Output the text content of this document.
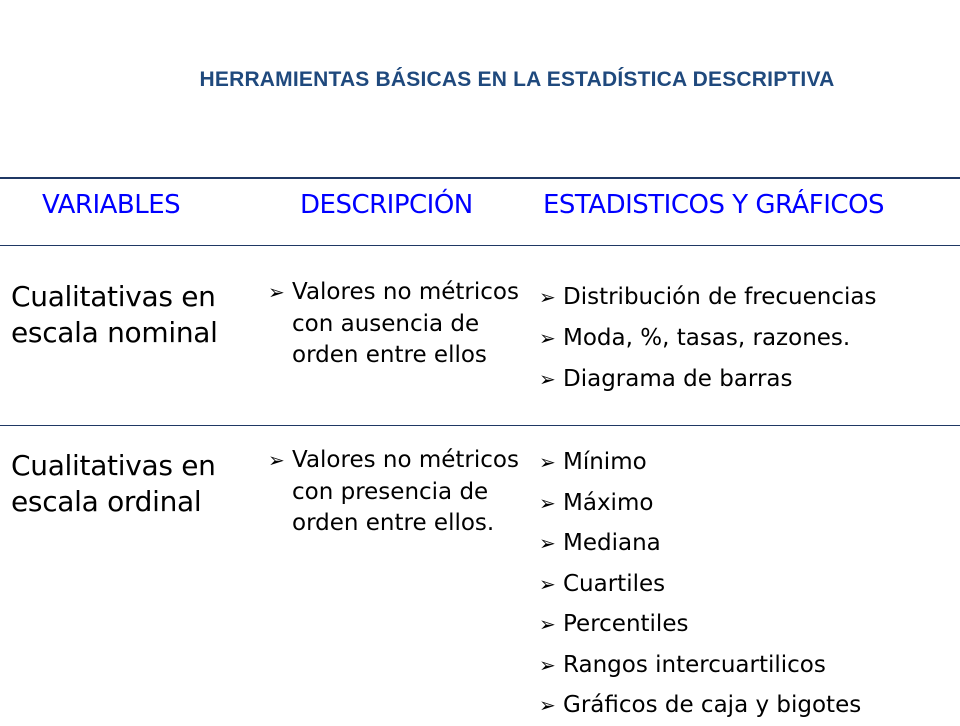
HERRAMIENTAS BÁSICAS EN LA ESTADÍSTICA DESCRIPTIVA
VARIABLES	DESCRIPCIÓN	ESTADISTICOS Y GRÁFICOS
Cualitativas en escala nominal
➢ Valores no métricos con ausencia de orden entre ellos
➢ Distribución de frecuencias
➢ Moda, %, tasas, razones.
➢ Diagrama de barras
Cualitativas en escala ordinal
➢ Valores no métricos con presencia de orden entre ellos.
➢ Mínimo
➢ Máximo
➢ Mediana
➢ Cuartiles
➢ Percentiles
➢ Rangos intercuartilicos
➢ Gráficos de caja y bigotes
